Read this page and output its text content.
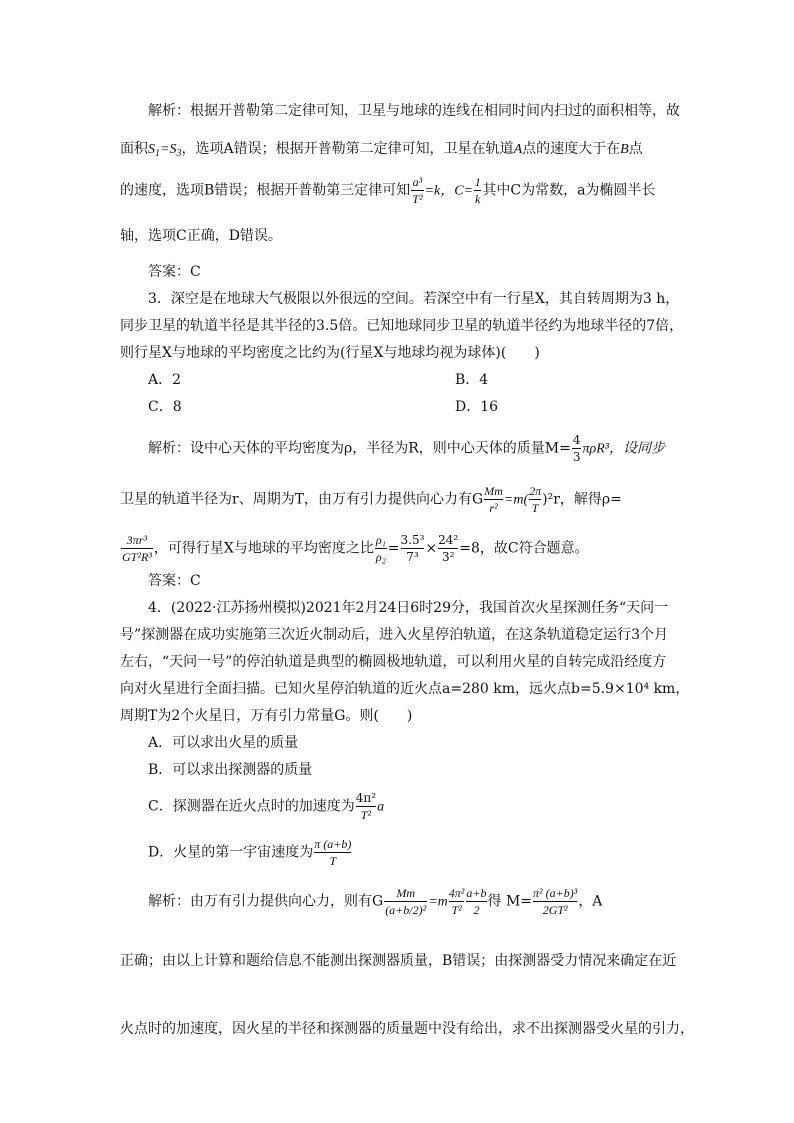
解析：根据开普勒第二定律可知，卫星与地球的连线在相同时间内扫过的面积相等，故
面积$S_1=S_3$，选项A错误；根据开普勒第二定律可知，卫星在轨道A点的速度大于在B点
的速度，选项B错误；根据开普勒第三定律可知 $\frac{\text{a³}}{\text{T²}} =k$，$C= \frac{1}{k}$ 其中C为常数，a为椭圆半长
轴，选项C正确，D错误。
答案：C
3．深空是在地球大气极限以外很远的空间。若深空中有一行星X，其自转周期为3 h，
同步卫星的轨道半径是其半径的3.5倍。已知地球同步卫星的轨道半径约为地球半径的7倍，
则行星X与地球的平均密度之比约为(行星X与地球均视为球体)(　　)
A．2	B．4
C．8	D．16
解析：设中心天体的平均密度为ρ，半径为R，则中心天体的质量$M= \frac{4}{3} \pi\rho R^3$，设同步
卫星的轨道半径为r、周期为T，由万有引力提供向心力有G $\frac{Mm}{\text{r²}} =m( \frac{2\pi}{T} )^2r$，解得ρ=
$\frac{\text{3πr³}}{\text{GT²R³}}$ ，可得行星X与地球的平均密度之比 $\frac{\text{ρ₁}}{\text{ρ₂}} = \frac{\text{3.5³}}{\text{7³}} \times \frac{\text{24²}}{\text{3²}} =8$，故C符合题意。
答案：C
4．(2022·江苏扬州模拟)2021年2月24日6时29分，我国首次火星探测任务“天问一
号”探测器在成功实施第三次近火制动后，进入火星停泊轨道，在这条轨道稳定运行3个月
左右，“天问一号”的停泊轨道是典型的椭圆极地轨道，可以利用火星的自转完成沿经度方
向对火星进行全面扫描。已知火星停泊轨道的近火点a=280 km，远火点b=5.9×10⁴ km，
周期T为2个火星日，万有引力常量G。则(　　)
A．可以求出火星的质量
B．可以求出探测器的质量
C．探测器在近火点时的加速度为 $\frac{\text{4π²}}{\text{T²}}$ a
D．火星的第一宇宙速度为 $\frac{\pi (a+b)}{T}$
解析：由万有引力提供向心力，则有G $\frac{Mm}{\text{(a+b/2)²}} =m \frac{\text{4π²}}{\text{T²}} \frac{a+b}{2}$ 得 $M= \frac{\text{π² (a+b)³}}{\text{2GT²}}$ ，A
正确；由以上计算和题给信息不能测出探测器质量，B错误；由探测器受力情况来确定在近
火点时的加速度，因火星的半径和探测器的质量题中没有给出，求不出探测器受火星的引力，
